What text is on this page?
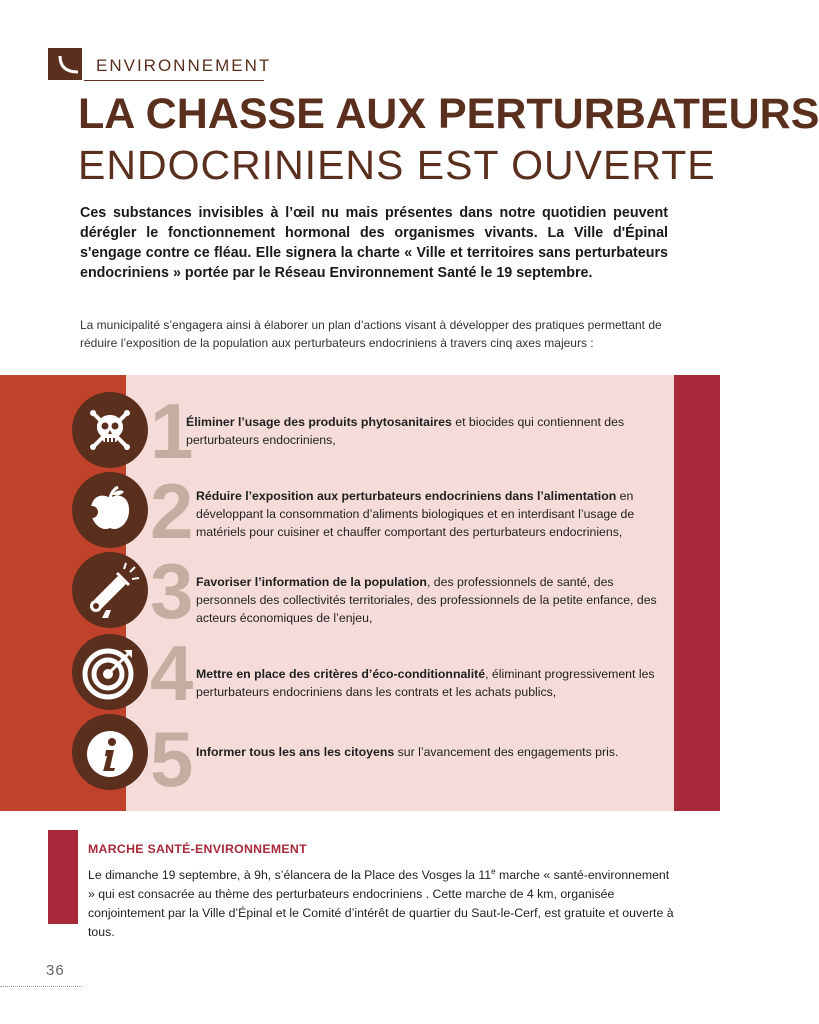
ENVIRONNEMENT
LA CHASSE AUX PERTURBATEURS
ENDOCRINIENS EST OUVERTE
Ces substances invisibles à l’œil nu mais présentes dans notre quotidien peuvent dérégler le fonctionnement hormonal des organismes vivants. La Ville d'Épinal s'engage contre ce fléau. Elle signera la charte « Ville et territoires sans perturbateurs endocriniens » portée par le Réseau Environnement Santé le 19 septembre.
La municipalité s’engagera ainsi à élaborer un plan d’actions visant à développer des pratiques permettant de réduire l’exposition de la population aux perturbateurs endocriniens à travers cinq axes majeurs :
1
Éliminer l’usage des produits phytosanitaires et biocides qui contiennent des perturbateurs endocriniens,
2 Réduire l’exposition aux perturbateurs endocriniens dans l’alimentation en développant la consommation d’aliments biologiques et en interdisant l’usage de matériels pour cuisiner et chauffer comportant des perturbateurs endocriniens,
3 Favoriser l’information de la population, des professionnels de santé, des personnels des collectivités territoriales, des professionnels de la petite enfance, des acteurs économiques de l’enjeu,
4 Mettre en place des critères d’éco-conditionnalité, éliminant progressivement les perturbateurs endocriniens dans les contrats et les achats publics,
5 Informer tous les ans les citoyens sur l’avancement des engagements pris.
MARCHE SANTÉ-ENVIRONNEMENT
Le dimanche 19 septembre, à 9h, s’élancera de la Place des Vosges la 11e marche « santé-environnement » qui est consacrée au thème des perturbateurs endocriniens . Cette marche de 4 km, organisée conjointement par la Ville d’Épinal et le Comité d’intérêt de quartier du Saut-le-Cerf, est gratuite et ouverte à tous.
36
